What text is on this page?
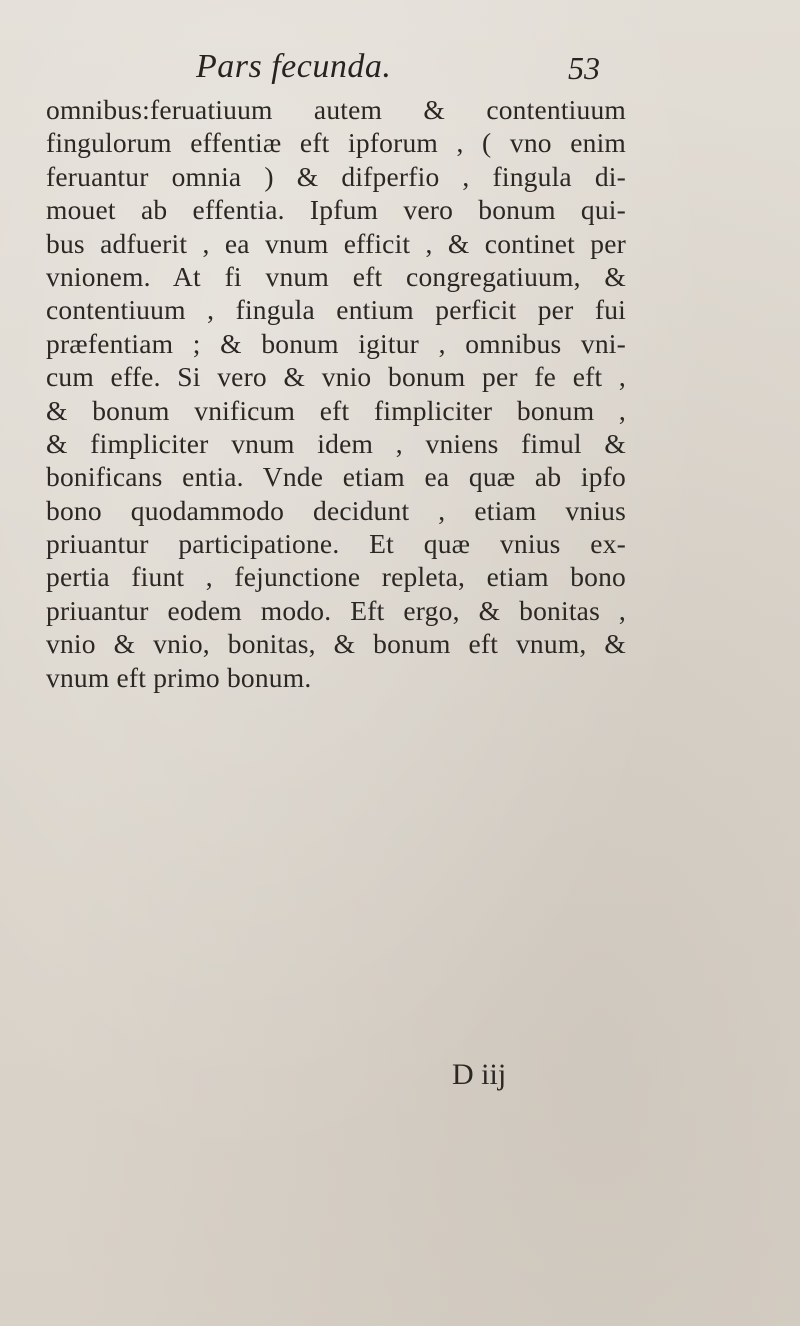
Pars fecunda.	53
omnibus:feruatiuum autem & contentiuum
fingulorum effentiæ eft ipforum , ( vno enim
feruantur omnia ) & difperfio , fingula di-
mouet ab effentia. Ipfum vero bonum qui-
bus adfuerit , ea vnum efficit , & continet per
vnionem. At fi vnum eft congregatiuum, &
contentiuum , fingula entium perficit per fui
præfentiam ; & bonum igitur , omnibus vni-
cum effe. Si vero & vnio bonum per fe eft ,
& bonum vnificum eft fimpliciter bonum ,
& fimpliciter vnum idem , vniens fimul &
bonificans entia. Vnde etiam ea quæ ab ipfo
bono quodammodo decidunt , etiam vnius
priuantur participatione. Et quæ vnius ex-
pertia fiunt , fejunctione repleta, etiam bono
priuantur eodem modo. Eft ergo, & bonitas ,
vnio & vnio, bonitas, & bonum eft vnum, &
vnum eft primo bonum.
D iij
